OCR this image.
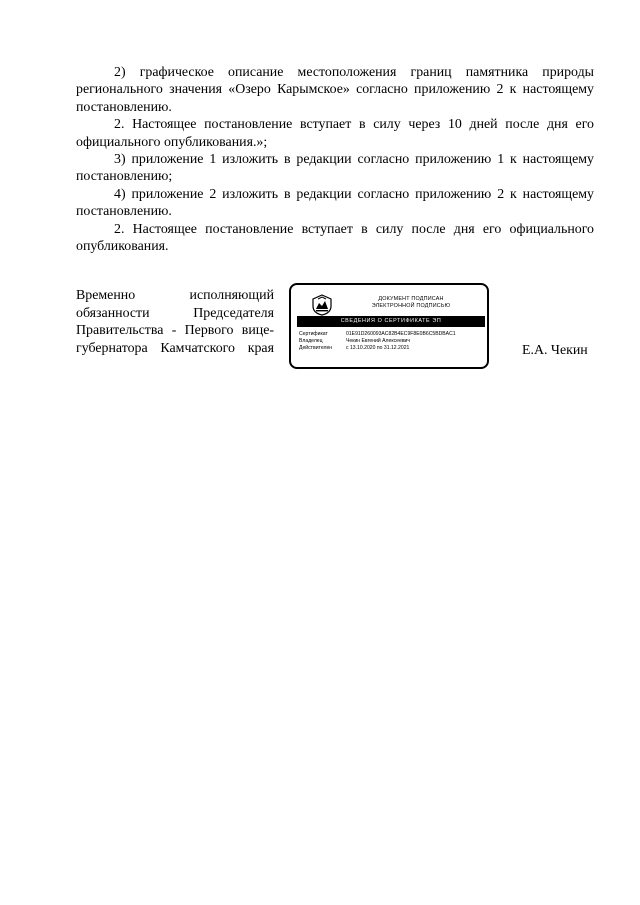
2) графическое описание местоположения границ памятника природы регионального значения «Озеро Карымское» согласно приложению 2 к настоящему постановлению.

2. Настоящее постановление вступает в силу через 10 дней после дня его официального опубликования.»;

3) приложение 1 изложить в редакции согласно приложению 1 к настоящему постановлению;

4) приложение 2 изложить в редакции согласно приложению 2 к настоящему постановлению.

2. Настоящее постановление вступает в силу после дня его официального опубликования.

Временно исполняющий
обязанности Председателя
Правительства - Первого вице-
губернатора Камчатского края
ДОКУМЕНТ ПОДПИСАН
ЭЛЕКТРОННОЙ ПОДПИСЬЮ
СВЕДЕНИЯ О СЕРТИФИКАТЕ ЭП
Сертификат	01E91D260093AC82B4EC9F8E0B6C5BDBAC1
Владелец	Чекин Евгений Алексеевич
Действителен	с 13.10.2020 по 31.12.2021	Е.А. Чекин
